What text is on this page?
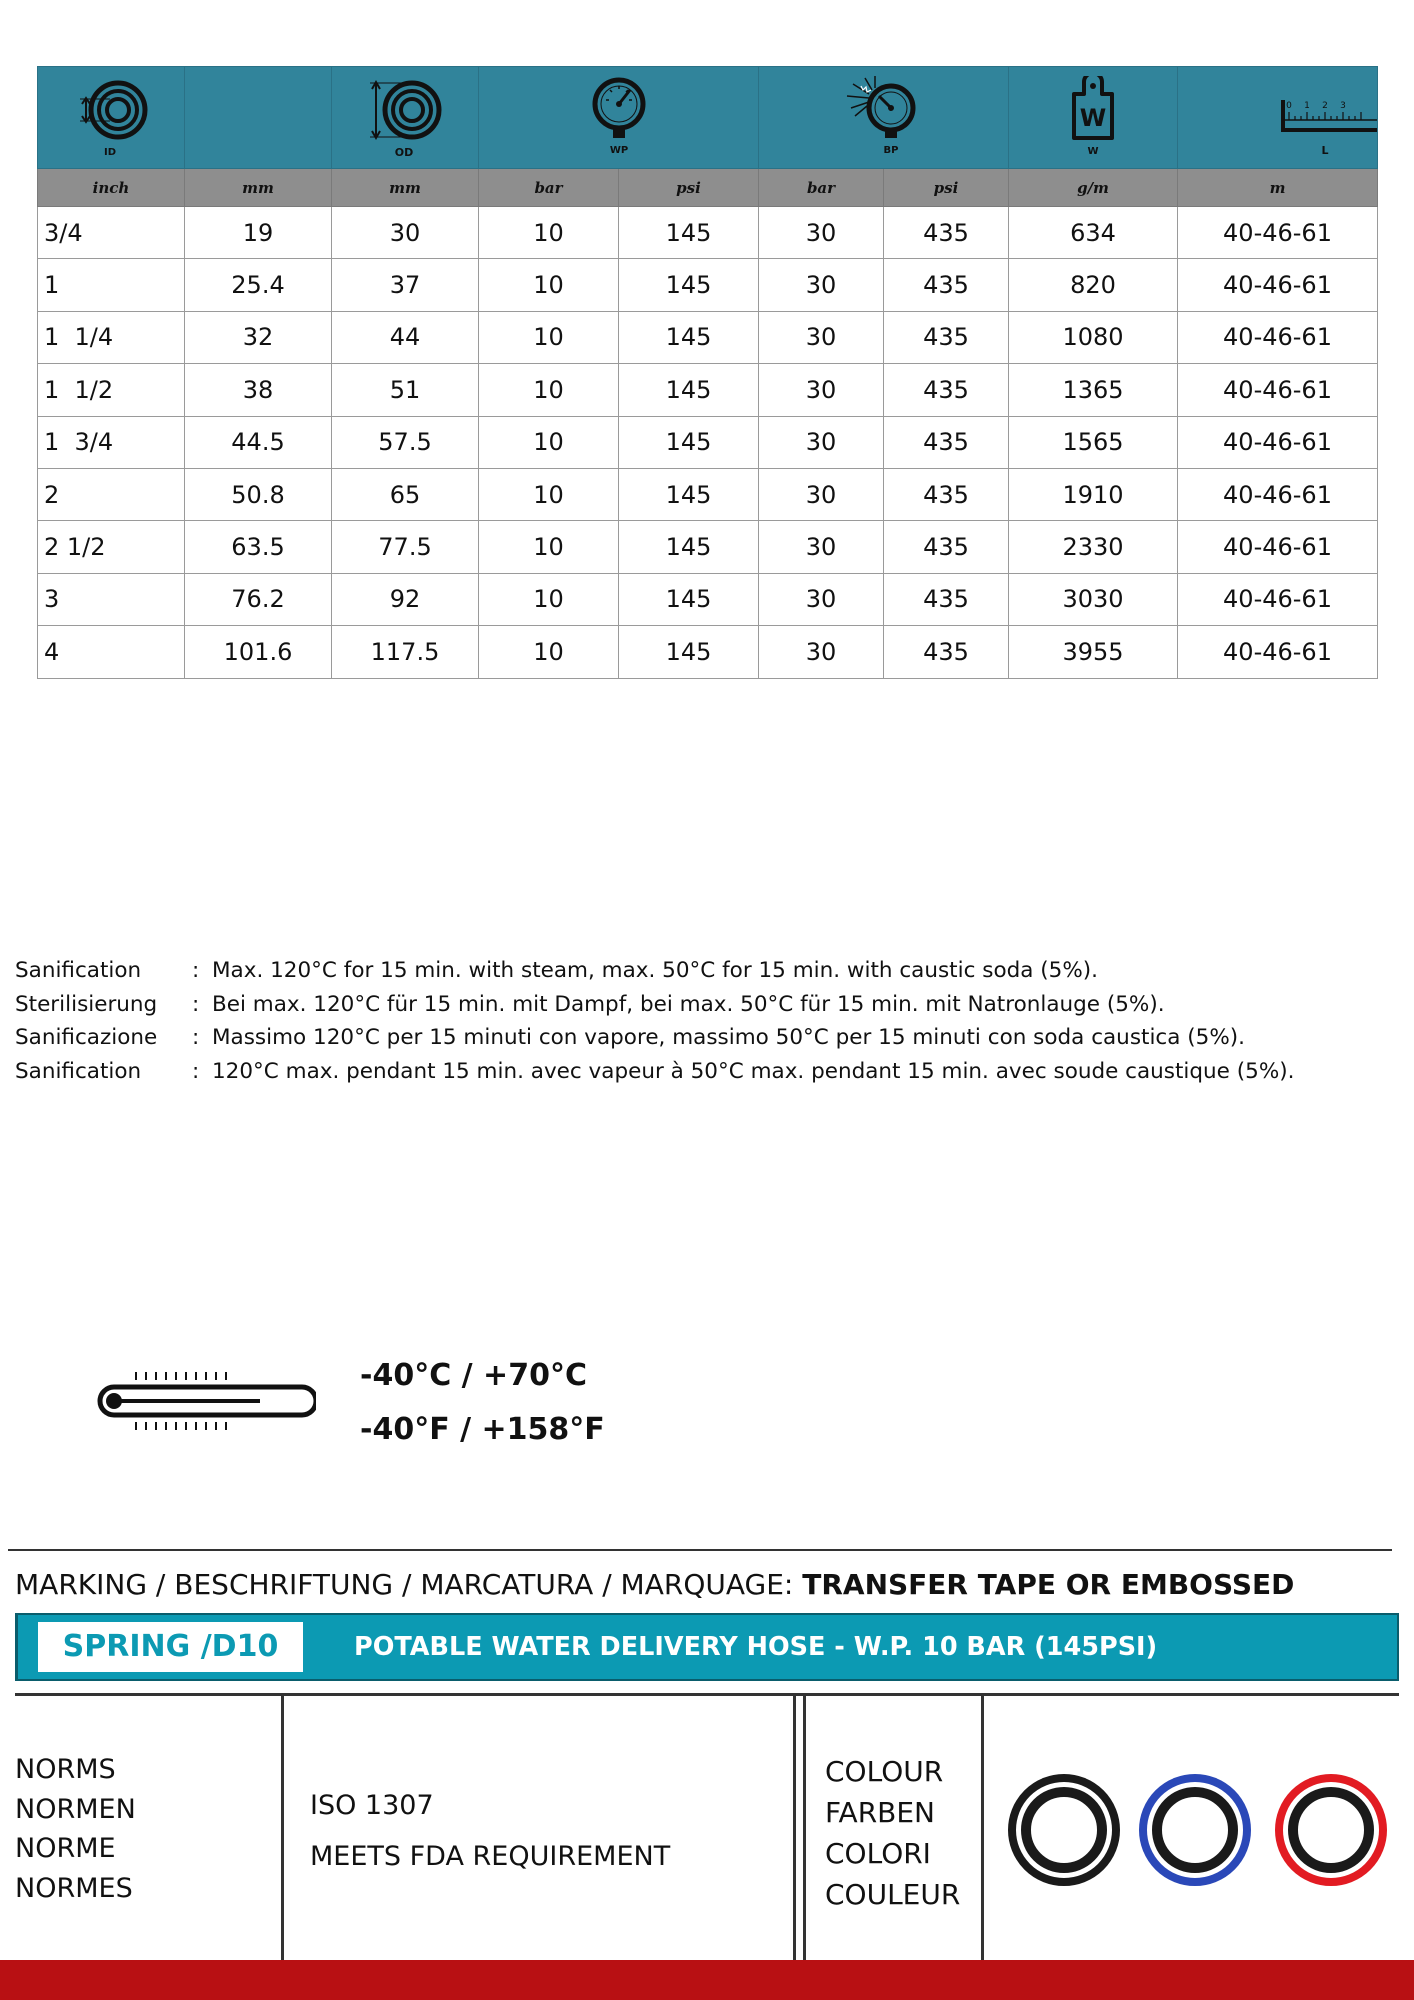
ID		OD	WP		BP		W
W	0 1 2 3
L

inch	mm	mm	bar	psi	bar	psi	g/m	m
3/4	19	30	10	145	30	435	634	40-46-61
1	25.4	37	10	145	30	435	820	40-46-61
1  1/4	32	44	10	145	30	435	1080	40-46-61
1  1/2	38	51	10	145	30	435	1365	40-46-61
1  3/4	44.5	57.5	10	145	30	435	1565	40-46-61
2	50.8	65	10	145	30	435	1910	40-46-61
2 1/2	63.5	77.5	10	145	30	435	2330	40-46-61
3	76.2	92	10	145	30	435	3030	40-46-61
4	101.6	117.5	10	145	30	435	3955	40-46-61
Sanification	: Max. 120°C for 15 min. with steam, max. 50°C for 15 min. with caustic soda (5%).
Sterilisierung	: Bei max. 120°C für 15 min. mit Dampf, bei max. 50°C für 15 min. mit Natronlauge (5%).
Sanificazione	: Massimo 120°C per 15 minuti con vapore, massimo 50°C per 15 minuti con soda caustica (5%).
Sanification	: 120°C max. pendant 15 min. avec vapeur à 50°C max. pendant 15 min. avec soude caustique (5%).
-40°C / +70°C
-40°F / +158°F
MARKING / BESCHRIFTUNG / MARCATURA / MARQUAGE: TRANSFER TAPE OR EMBOSSED
SPRING /D10	POTABLE WATER DELIVERY HOSE - W.P. 10 BAR (145PSI)
NORMS
NORMEN
NORME
NORMES
ISO 1307
MEETS FDA REQUIREMENT
COLOUR
FARBEN
COLORI
COULEUR
